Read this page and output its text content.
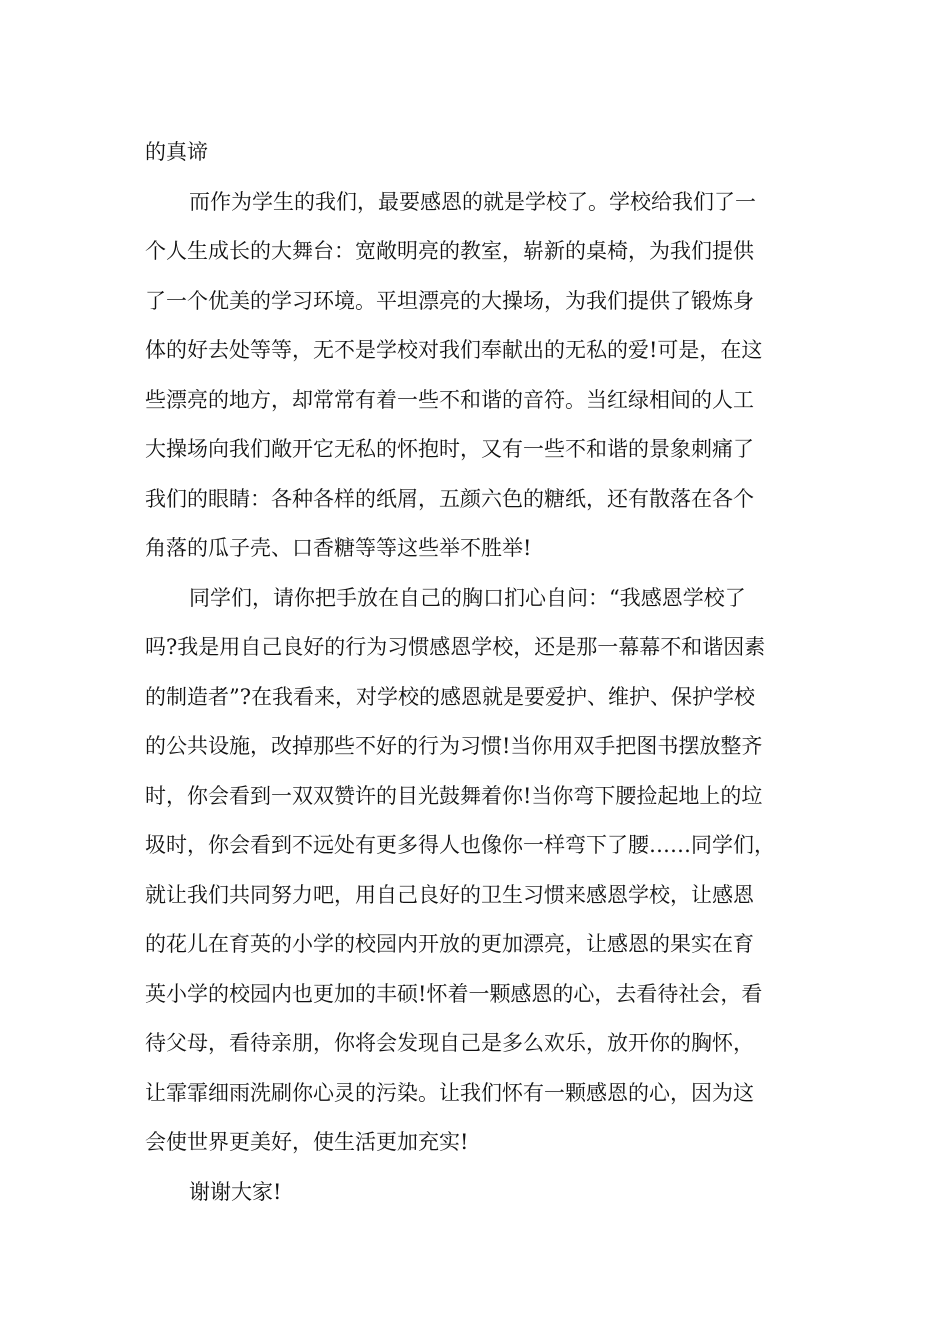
的真谛
而作为学生的我们，最要感恩的就是学校了。学校给我们了一
个人生成长的大舞台：宽敞明亮的教室，崭新的桌椅，为我们提供
了一个优美的学习环境。平坦漂亮的大操场，为我们提供了锻炼身
体的好去处等等，无不是学校对我们奉献出的无私的爱!可是，在这
些漂亮的地方，却常常有着一些不和谐的音符。当红绿相间的人工
大操场向我们敞开它无私的怀抱时，又有一些不和谐的景象刺痛了
我们的眼睛：各种各样的纸屑，五颜六色的糖纸，还有散落在各个
角落的瓜子壳、口香糖等等这些举不胜举!
同学们，请你把手放在自己的胸口扪心自问：“我感恩学校了
吗?我是用自己良好的行为习惯感恩学校，还是那一幕幕不和谐因素
的制造者”?在我看来，对学校的感恩就是要爱护、维护、保护学校
的公共设施，改掉那些不好的行为习惯!当你用双手把图书摆放整齐
时，你会看到一双双赞许的目光鼓舞着你!当你弯下腰捡起地上的垃
圾时，你会看到不远处有更多得人也像你一样弯下了腰……同学们，
就让我们共同努力吧，用自己良好的卫生习惯来感恩学校，让感恩
的花儿在育英的小学的校园内开放的更加漂亮，让感恩的果实在育
英小学的校园内也更加的丰硕!怀着一颗感恩的心，去看待社会，看
待父母，看待亲朋，你将会发现自己是多么欢乐，放开你的胸怀，
让霏霏细雨洗刷你心灵的污染。让我们怀有一颗感恩的心，因为这
会使世界更美好，使生活更加充实!
谢谢大家!
